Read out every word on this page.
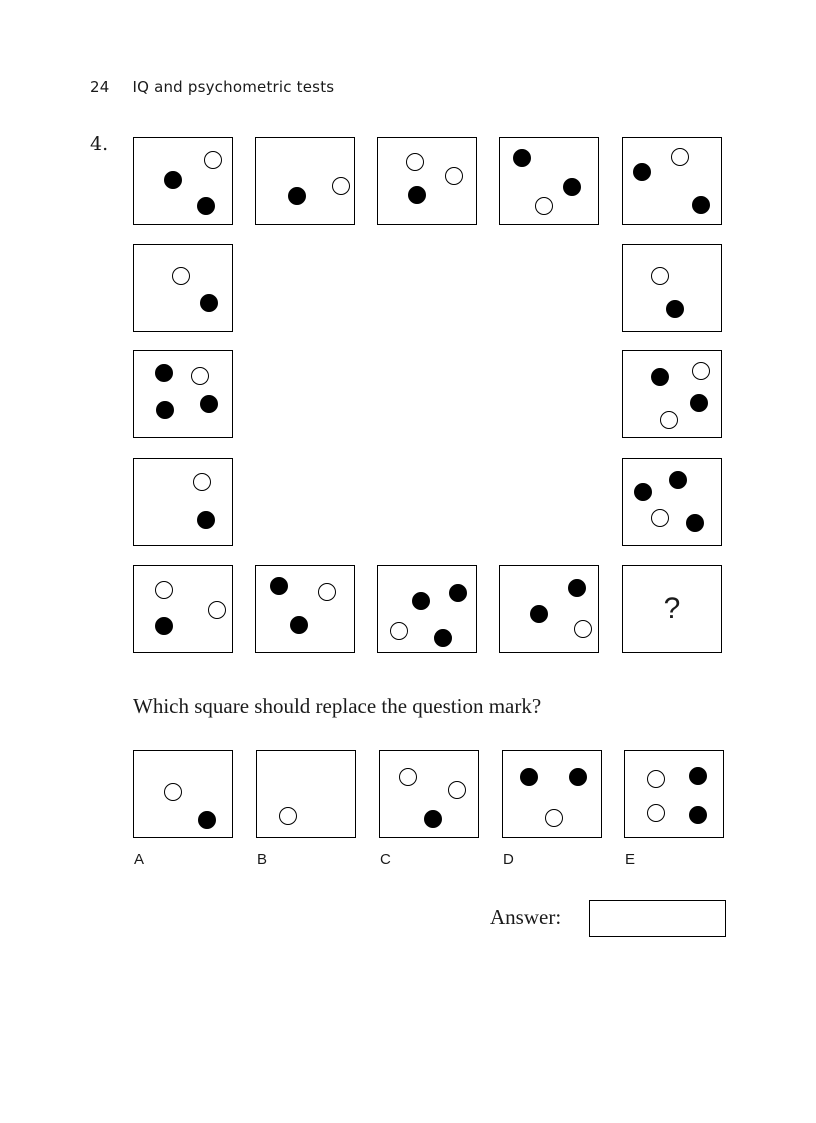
24 IQ and psychometric tests
4.
?
Which square should replace the question mark?
A	B	C	D	E
Answer:
